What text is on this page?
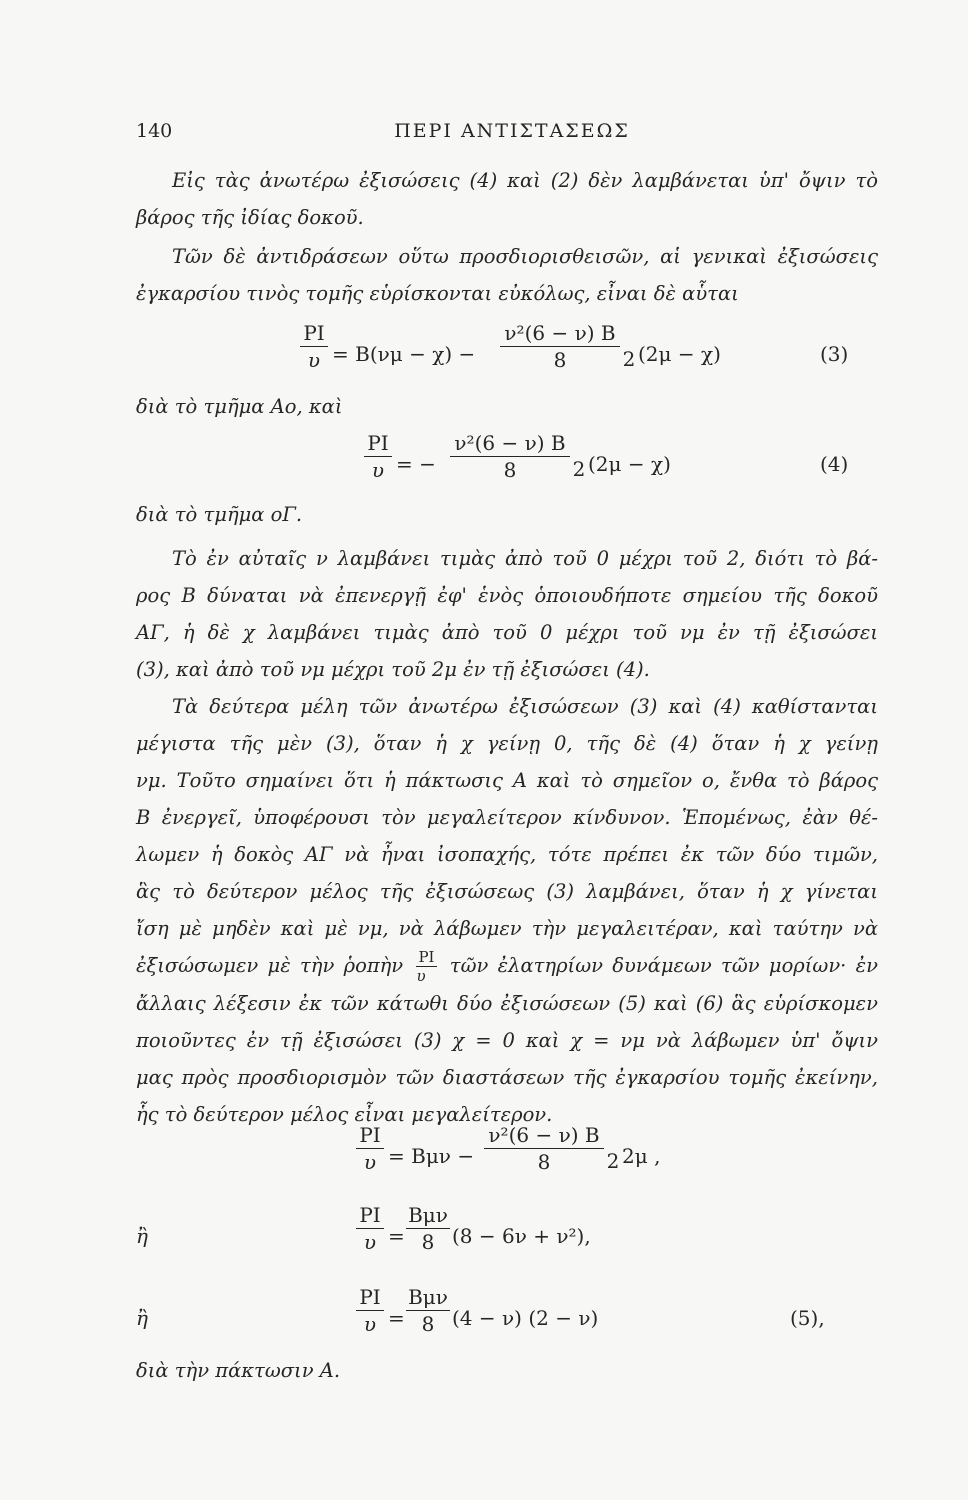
140	ΠΕΡΙ ΑΝΤΙΣΤΑΣΕΩΣ
Εἰς τὰς ἀνωτέρω ἐξισώσεις (4) καὶ (2) δὲν λαμβάνεται ὑπ' ὄψιν τὸ
βάρος τῆς ἰδίας δοκοῦ.
Τῶν δὲ ἀντιδράσεων οὕτω προσδιορισθεισῶν, αἱ γενικαὶ ἐξισώσεις
ἐγκαρσίου τινὸς τομῆς εὑρίσκονται εὐκόλως, εἶναι δὲ αὗται
$\frac{PI}{\upsilon} = B(\nu\mu - \chi) - \frac{\text{ν²(6 − ν) B}}{8}$
2 (2μ − χ)	(3)
διὰ τὸ τμῆμα Αο, καὶ
$\frac{PI}{\upsilon}$ = − $\frac{\text{ν²(6 − ν) B}}{8}$
2 (2μ − χ)	(4)
διὰ τὸ τμῆμα οΓ.
Τὸ ἐν αὐταῖς ν λαμβάνει τιμὰς ἀπὸ τοῦ 0 μέχρι τοῦ 2, διότι τὸ βά-
ρος B δύναται νὰ ἐπενεργῇ ἐφ' ἑνὸς ὁποιουδήποτε σημείου τῆς δοκοῦ
ΑΓ, ἡ δὲ χ λαμβάνει τιμὰς ἀπὸ τοῦ 0 μέχρι τοῦ νμ ἐν τῇ ἐξισώσει
(3), καὶ ἀπὸ τοῦ νμ μέχρι τοῦ 2μ ἐν τῇ ἐξισώσει (4).
Τὰ δεύτερα μέλη τῶν ἀνωτέρω ἐξισώσεων (3) καὶ (4) καθίστανται
μέγιστα τῆς μὲν (3), ὅταν ἡ χ γείνῃ 0, τῆς δὲ (4) ὅταν ἡ χ γείνῃ
νμ. Τοῦτο σημαίνει ὅτι ἡ πάκτωσις Α καὶ τὸ σημεῖον ο, ἔνθα τὸ βάρος
B ἐνεργεῖ, ὑποφέρουσι τὸν μεγαλείτερον κίνδυνον. Ἑπομένως, ἐὰν θέ-
λωμεν ἡ δοκὸς ΑΓ νὰ ἦναι ἰσοπαχής, τότε πρέπει ἐκ τῶν δύο τιμῶν,
ἃς τὸ δεύτερον μέλος τῆς ἐξισώσεως (3) λαμβάνει, ὅταν ἡ χ γίνεται
ἴση μὲ μηδὲν καὶ μὲ νμ, νὰ λάβωμεν τὴν μεγαλειτέραν, καὶ ταύτην νὰ
ἐξισώσωμεν μὲ τὴν ῥοπὴν $\frac{PI}{\upsilon}$ τῶν ἐλατηρίων δυνάμεων τῶν μορίων· ἐν
ἄλλαις λέξεσιν ἐκ τῶν κάτωθι δύο ἐξισώσεων (5) καὶ (6) ἃς εὑρίσκομεν
ποιοῦντες ἐν τῇ ἐξισώσει (3) χ = 0 καὶ χ = νμ νὰ λάβωμεν ὑπ' ὄψιν
μας πρὸς προσδιορισμὸν τῶν διαστάσεων τῆς ἐγκαρσίου τομῆς ἐκείνην,
ἧς τὸ δεύτερον μέλος εἶναι μεγαλείτερον.
$\frac{PI}{\upsilon} = B\mu\nu - \frac{\text{ν²(6 − ν) B}}{8}$
2 2μ ,
ἢ	$\frac{PI}{\upsilon}$ =
Bμν
8 (8 − 6ν + ν²),
ἢ	$\frac{PI}{\upsilon}$ =
Bμν
8 (4 − ν) (2 − ν)	(5),
διὰ τὴν πάκτωσιν Α.
